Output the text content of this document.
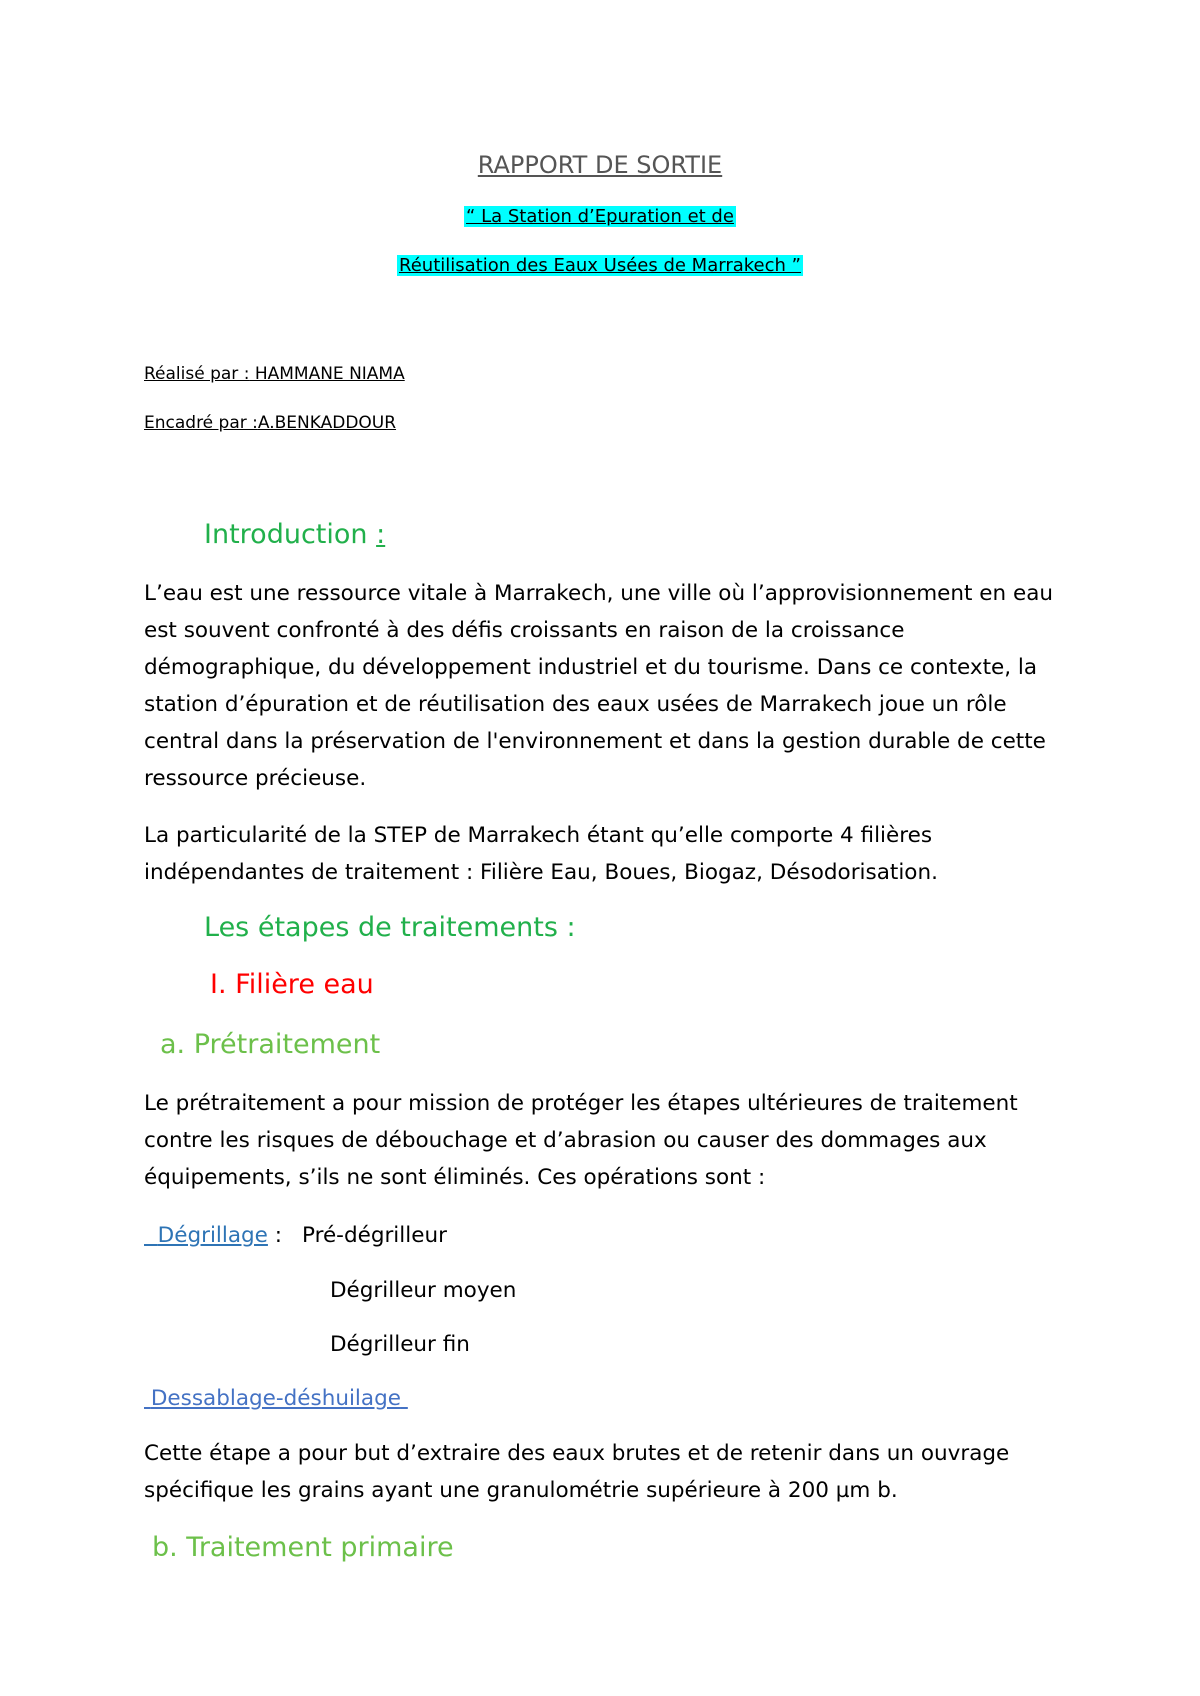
RAPPORT DE SORTIE
“ La Station d’Epuration et de
Réutilisation des Eaux Usées de Marrakech ”
Réalisé par : HAMMANE NIAMA
Encadré par :A.BENKADDOUR
Introduction :
L’eau est une ressource vitale à Marrakech, une ville où l’approvisionnement en eau est souvent confronté à des défis croissants en raison de la croissance démographique, du développement industriel et du tourisme. Dans ce contexte, la station d’épuration et de réutilisation des eaux usées de Marrakech joue un rôle central dans la préservation de l'environnement et dans la gestion durable de cette ressource précieuse.
La particularité de la STEP de Marrakech étant qu’elle comporte 4 filières indépendantes de traitement : Filière Eau, Boues, Biogaz, Désodorisation.
Les étapes de traitements :
I. Filière eau
a. Prétraitement
Le prétraitement a pour mission de protéger les étapes ultérieures de traitement contre les risques de débouchage et d’abrasion ou causer des dommages aux équipements, s’ils ne sont éliminés. Ces opérations sont :
Dégrillage : Pré-dégrilleur
Dégrilleur moyen
Dégrilleur fin
Dessablage-déshuilage
Cette étape a pour but d’extraire des eaux brutes et de retenir dans un ouvrage spécifique les grains ayant une granulométrie supérieure à 200 µm b.
b. Traitement primaire
